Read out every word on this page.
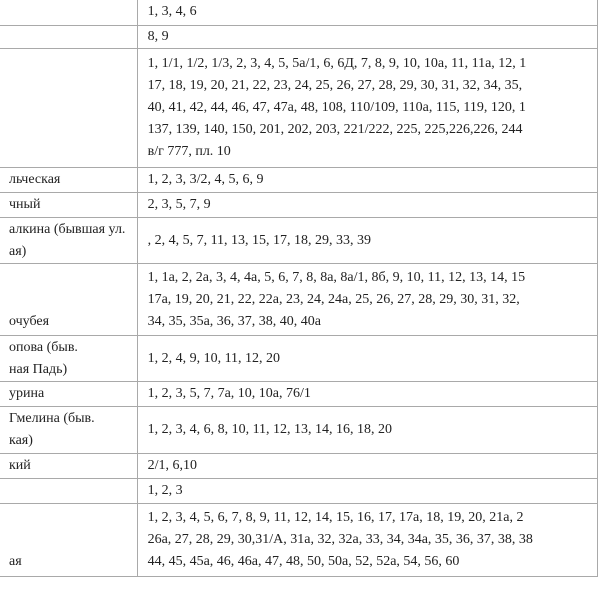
	1, 3, 4, 6

	8, 9

	1, 1/1, 1/2, 1/3, 2, 3, 4, 5, 5а/1, 6, 6Д, 7, 8, 9, 10, 10а, 11, 11а, 12, 1
17, 18, 19, 20, 21, 22, 23, 24, 25, 26, 27, 28, 29, 30, 31, 32, 34, 35,
40, 41, 42, 44, 46, 47, 47а, 48, 108, 110/109, 110а, 115, 119, 120, 1
137, 139, 140, 150, 201, 202, 203, 221/222, 225, 225,226,226, 244
в/г 777, пл. 10

льческая	1, 2, 3, 3/2, 4, 5, 6, 9

чный	2, 3, 5, 7, 9

алкина (бывшая ул.
ая)	, 2, 4, 5, 7, 11, 13, 15, 17, 18, 29, 33, 39

очубея	1, 1а, 2, 2а, 3, 4, 4а, 5, 6, 7, 8, 8а, 8а/1, 8б, 9, 10, 11, 12, 13, 14, 15
17а, 19, 20, 21, 22, 22а, 23, 24, 24а, 25, 26, 27, 28, 29, 30, 31, 32,
34, 35, 35а, 36, 37, 38, 40, 40а

опова (быв.
ная Падь)	1, 2, 4, 9, 10, 11, 12, 20

урина	1, 2, 3, 5, 7, 7а, 10, 10а, 76/1

Гмелина (быв.
кая)	1, 2, 3, 4, 6, 8, 10, 11, 12, 13, 14, 16, 18, 20

кий	2/1, 6,10

	1, 2, 3

ая	1, 2, 3, 4, 5, 6, 7, 8, 9, 11, 12, 14, 15, 16, 17, 17а, 18, 19, 20, 21а, 2
26а, 27, 28, 29, 30,31/А, 31а, 32, 32а, 33, 34, 34а, 35, 36, 37, 38, 38
44, 45, 45а, 46, 46а, 47, 48, 50, 50а, 52, 52а, 54, 56, 60
